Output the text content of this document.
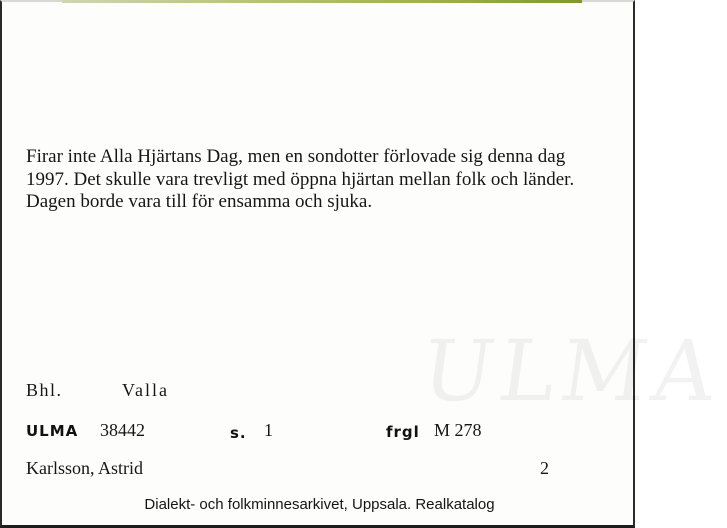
ULMA

Firar inte Alla Hjärtans Dag, men en sondotter förlovade sig denna dag 1997. Det skulle vara trevligt med öppna hjärtan mellan folk och länder. Dagen borde vara till för ensamma och sjuka.

Bhl.	Valla
ULMA 38442	s. 1	frgl M 278
Karlsson, Astrid	2
Dialekt- och folkminnesarkivet, Uppsala. Realkatalog
